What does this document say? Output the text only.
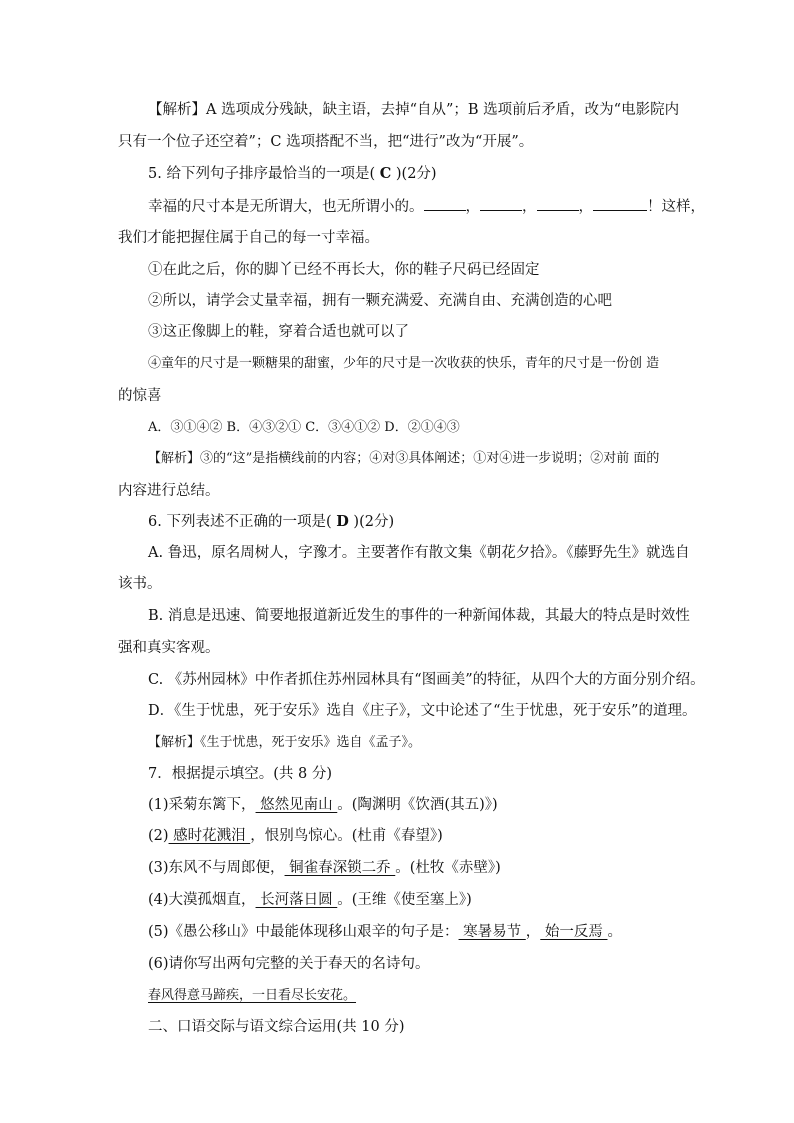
【解析】A 选项成分残缺，缺主语，去掉“自从”；B 选项前后矛盾，改为“电影院内
只有一个位子还空着”；C 选项搭配不当，把“进行”改为“开展”。
5. 给下列句子排序最恰当的一项是( C )(2分)
幸福的尺寸本是无所谓大，也无所谓小的。	，	，	，	！这样，
我们才能把握住属于自己的每一寸幸福。
①在此之后，你的脚丫已经不再长大，你的鞋子尺码已经固定
②所以，请学会丈量幸福，拥有一颗充满爱、充满自由、充满创造的心吧
③这正像脚上的鞋，穿着合适也就可以了
④童年的尺寸是一颗糖果的甜蜜，少年的尺寸是一次收获的快乐，青年的尺寸是一份创 造
的惊喜
A．③①④② B．④③②① C．③④①② D．②①④③
【解析】③的“这”是指横线前的内容；④对③具体阐述；①对④进一步说明；②对前 面的
内容进行总结。
6. 下列表述不正确的一项是( D )(2分)
A. 鲁迅，原名周树人，字豫才。主要著作有散文集《朝花夕拾》。《藤野先生》就选自
该书。
B. 消息是迅速、简要地报道新近发生的事件的一种新闻体裁，其最大的特点是时效性
强和真实客观。
C. 《苏州园林》中作者抓住苏州园林具有“图画美”的特征，从四个大的方面分别介绍。
D．《生于忧患，死于安乐》选自《庄子》，文中论述了“生于忧患，死于安乐”的道理。
【解析】《生于忧患，死于安乐》选自《孟子》。
7．根据提示填空。(共 8 分)
(1)采菊东篱下， 悠然见南山 。(陶渊明《饮酒(其五)》)
(2) 感时花溅泪 ，恨别鸟惊心。(杜甫《春望》)
(3)东风不与周郎便， 铜雀春深锁二乔 。(杜牧《赤壁》)
(4)大漠孤烟直， 长河落日圆 。(王维《使至塞上》)
(5)《愚公移山》中最能体现移山艰辛的句子是： 寒暑易节 ， 始一反焉 。
(6)请你写出两句完整的关于春天的名诗句。
春风得意马蹄疾，一日看尽长安花。
二、口语交际与语文综合运用(共 10 分)
